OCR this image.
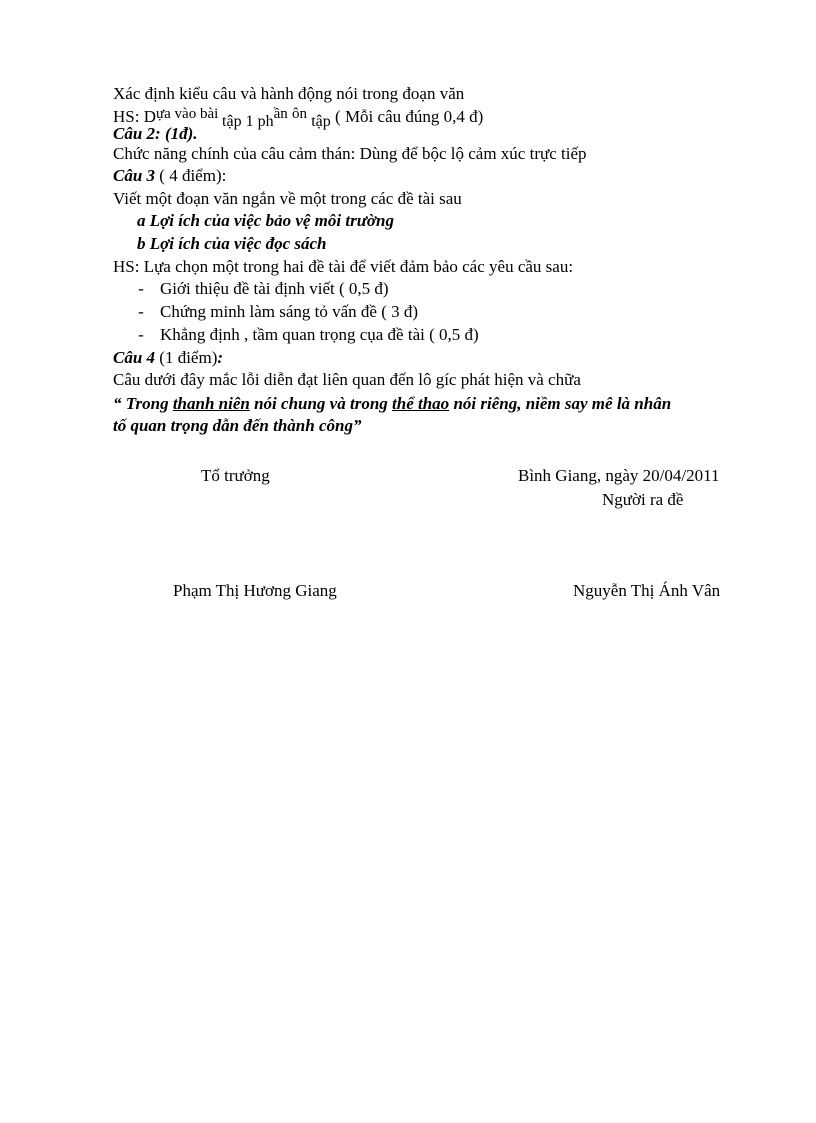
Xác định kiểu câu và hành động nói trong đoạn văn
HS: Dựa vào bài tập 1 phần ôn tập ( Mỗi câu đúng 0,4 đ)
Câu 2: (1đ).
Chức năng chính của câu cảm thán: Dùng để bộc lộ cảm xúc trực tiếp
Câu 3 ( 4 điểm):
Viết một đoạn văn ngắn về một trong các đề tài sau
a Lợi ích của việc bảo vệ môi trường
b Lợi ích của việc đọc sách
HS: Lựa chọn một trong hai đề tài để viết đảm bảo các yêu cầu sau:
- Giới thiệu đề tài định viết ( 0,5 đ)
- Chứng minh làm sáng tỏ vấn đề ( 3 đ)
- Khẳng định , tầm quan trọng cụa đề tài ( 0,5 đ)
Câu 4 (1 điểm):
Câu dưới đây mắc lỗi diễn đạt liên quan đến lô gíc phát hiện và chữa
“ Trong thanh niên nói chung và trong thể thao nói riêng, niềm say mê là nhân
tố quan trọng dẫn đến thành công”
Tổ trưởng	Bình Giang, ngày 20/04/2011
Người ra đề
Phạm Thị Hương Giang	Nguyễn Thị Ánh Vân
